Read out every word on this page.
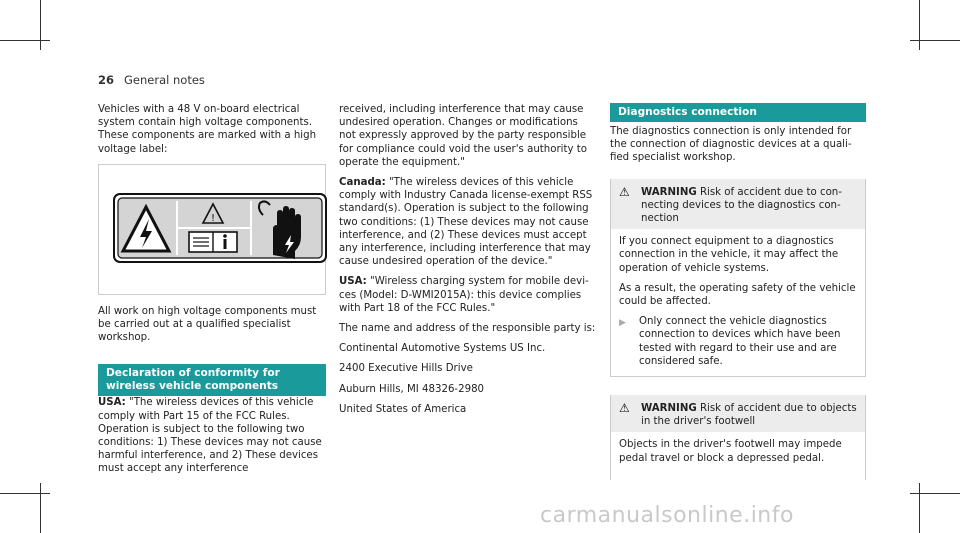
26 General notes

Vehicles with a 48 V on-board electrical system contain high voltage components. These components are marked with a high voltage label:

!

All work on high voltage components must be carried out at a qualified specialist workshop.

Declaration of conformity for wireless vehicle components

USA: "The wireless devices of this vehicle comply with Part 15 of the FCC Rules. Operation is subject to the following two conditions: 1) These devices may not cause harmful interference, and 2) These devices must accept any interference

received, including interference that may cause undesired operation. Changes or modifications not expressly approved by the party responsible for compliance could void the user's authority to operate the equipment."

Canada: "The wireless devices of this vehicle comply with Industry Canada license-exempt RSS standard(s). Operation is subject to the following two conditions: (1) These devices may not cause interference, and (2) These devices must accept any interference, including interference that may cause undesired operation of the device."

USA: "Wireless charging system for mobile devices (Model: D-WMI2015A): this device complies with Part 18 of the FCC Rules."

The name and address of the responsible party is:

Continental Automotive Systems US Inc.

2400 Executive Hills Drive

Auburn Hills, MI 48326-2980

United States of America

Diagnostics connection

The diagnostics connection is only intended for the connection of diagnostic devices at a qualified specialist workshop.

⚠	WARNING Risk of accident due to connecting devices to the diagnostics connection

If you connect equipment to a diagnostics connection in the vehicle, it may affect the operation of vehicle systems.

As a result, the operating safety of the vehicle could be affected.

▶	Only connect the vehicle diagnostics connection to devices which have been tested with regard to their use and are considered safe.
⚠	WARNING Risk of accident due to objects in the driver's footwell

Objects in the driver's footwell may impede pedal travel or block a depressed pedal.

carmanualsonline.info
